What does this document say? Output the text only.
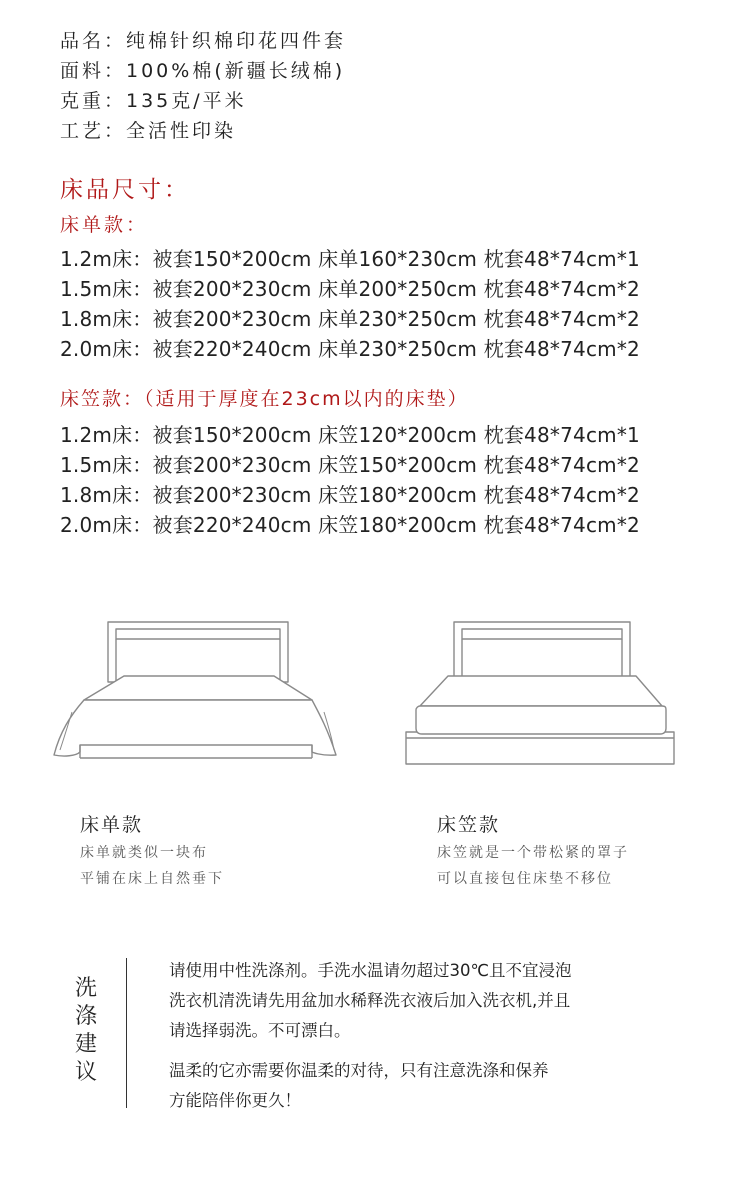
品名：纯棉针织棉印花四件套
面料：100%棉(新疆长绒棉)
克重：135克/平米
工艺：全活性印染
床品尺寸：
床单款：
1.2m床：被套150*200cm 床单160*230cm 枕套48*74cm*1
1.5m床：被套200*230cm 床单200*250cm 枕套48*74cm*2
1.8m床：被套200*230cm 床单230*250cm 枕套48*74cm*2
2.0m床：被套220*240cm 床单230*250cm 枕套48*74cm*2
床笠款：（适用于厚度在23cm以内的床垫）
1.2m床：被套150*200cm 床笠120*200cm 枕套48*74cm*1
1.5m床：被套200*230cm 床笠150*200cm 枕套48*74cm*2
1.8m床：被套200*230cm 床笠180*200cm 枕套48*74cm*2
2.0m床：被套220*240cm 床笠180*200cm 枕套48*74cm*2
床单款
床单就类似一块布
平铺在床上自然垂下
床笠款
床笠就是一个带松紧的罩子
可以直接包住床垫不移位
洗涤建议
请使用中性洗涤剂。手洗水温请勿超过30℃且不宜浸泡
洗衣机清洗请先用盆加水稀释洗衣液后加入洗衣机,并且
请选择弱洗。不可漂白。
温柔的它亦需要你温柔的对待，只有注意洗涤和保养
方能陪伴你更久！
